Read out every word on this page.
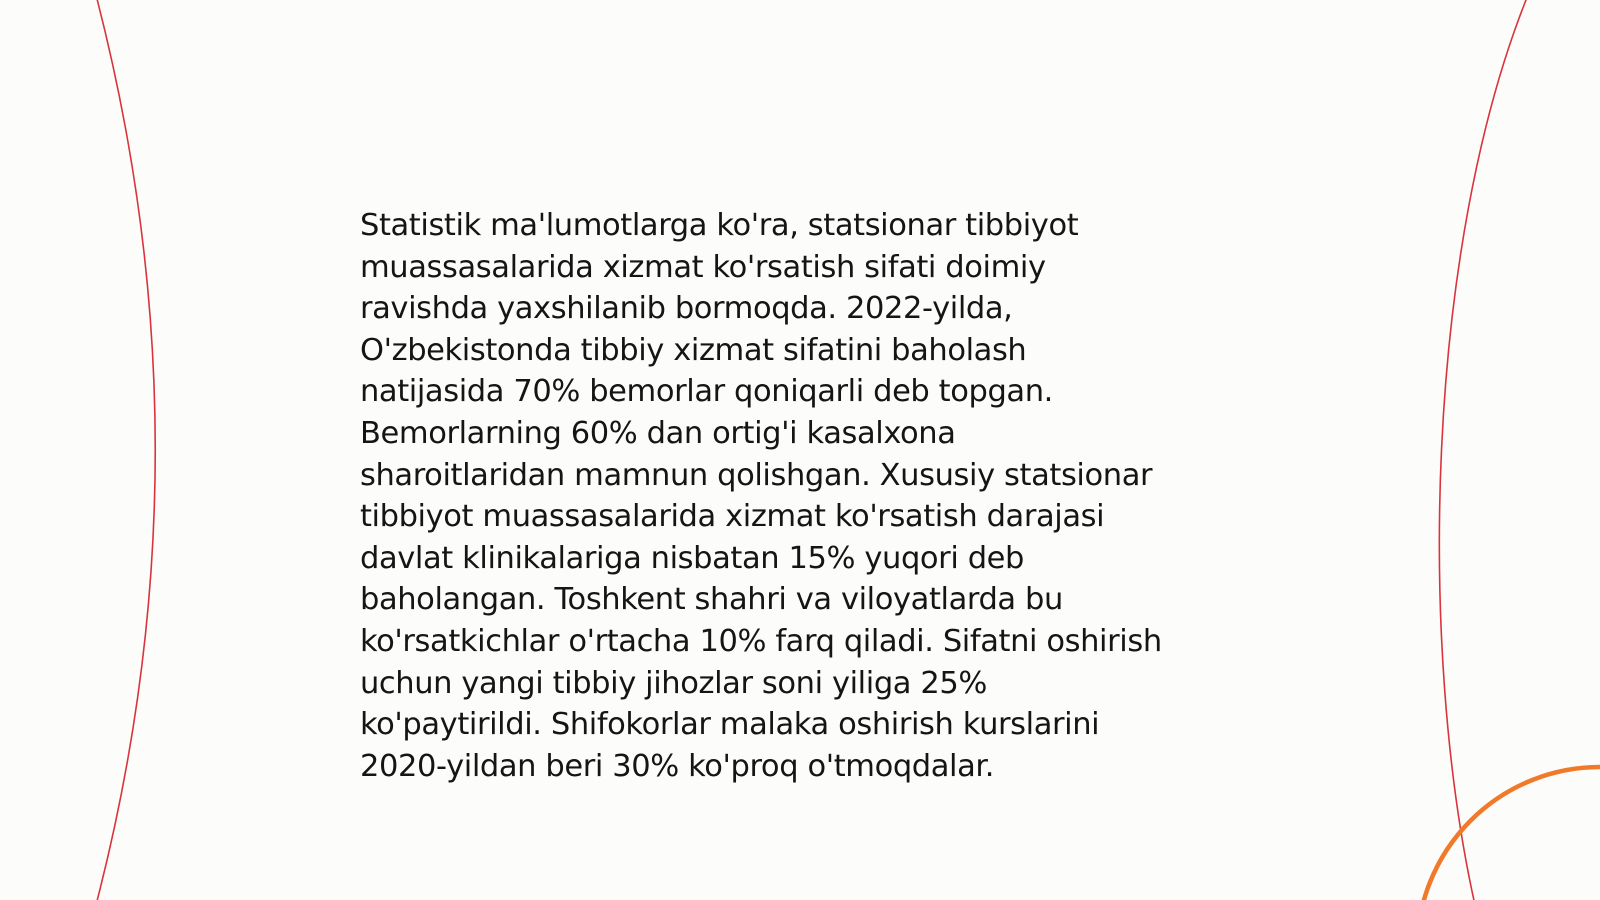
Statistik ma'lumotlarga ko'ra, statsionar tibbiyot
muassasalarida xizmat ko'rsatish sifati doimiy
ravishda yaxshilanib bormoqda. 2022-yilda,
O'zbekistonda tibbiy xizmat sifatini baholash
natijasida 70% bemorlar qoniqarli deb topgan.
Bemorlarning 60% dan ortig'i kasalxona
sharoitlaridan mamnun qolishgan. Xususiy statsionar
tibbiyot muassasalarida xizmat ko'rsatish darajasi
davlat klinikalariga nisbatan 15% yuqori deb
baholangan. Toshkent shahri va viloyatlarda bu
ko'rsatkichlar o'rtacha 10% farq qiladi. Sifatni oshirish
uchun yangi tibbiy jihozlar soni yiliga 25%
ko'paytirildi. Shifokorlar malaka oshirish kurslarini
2020-yildan beri 30% ko'proq o'tmoqdalar.
